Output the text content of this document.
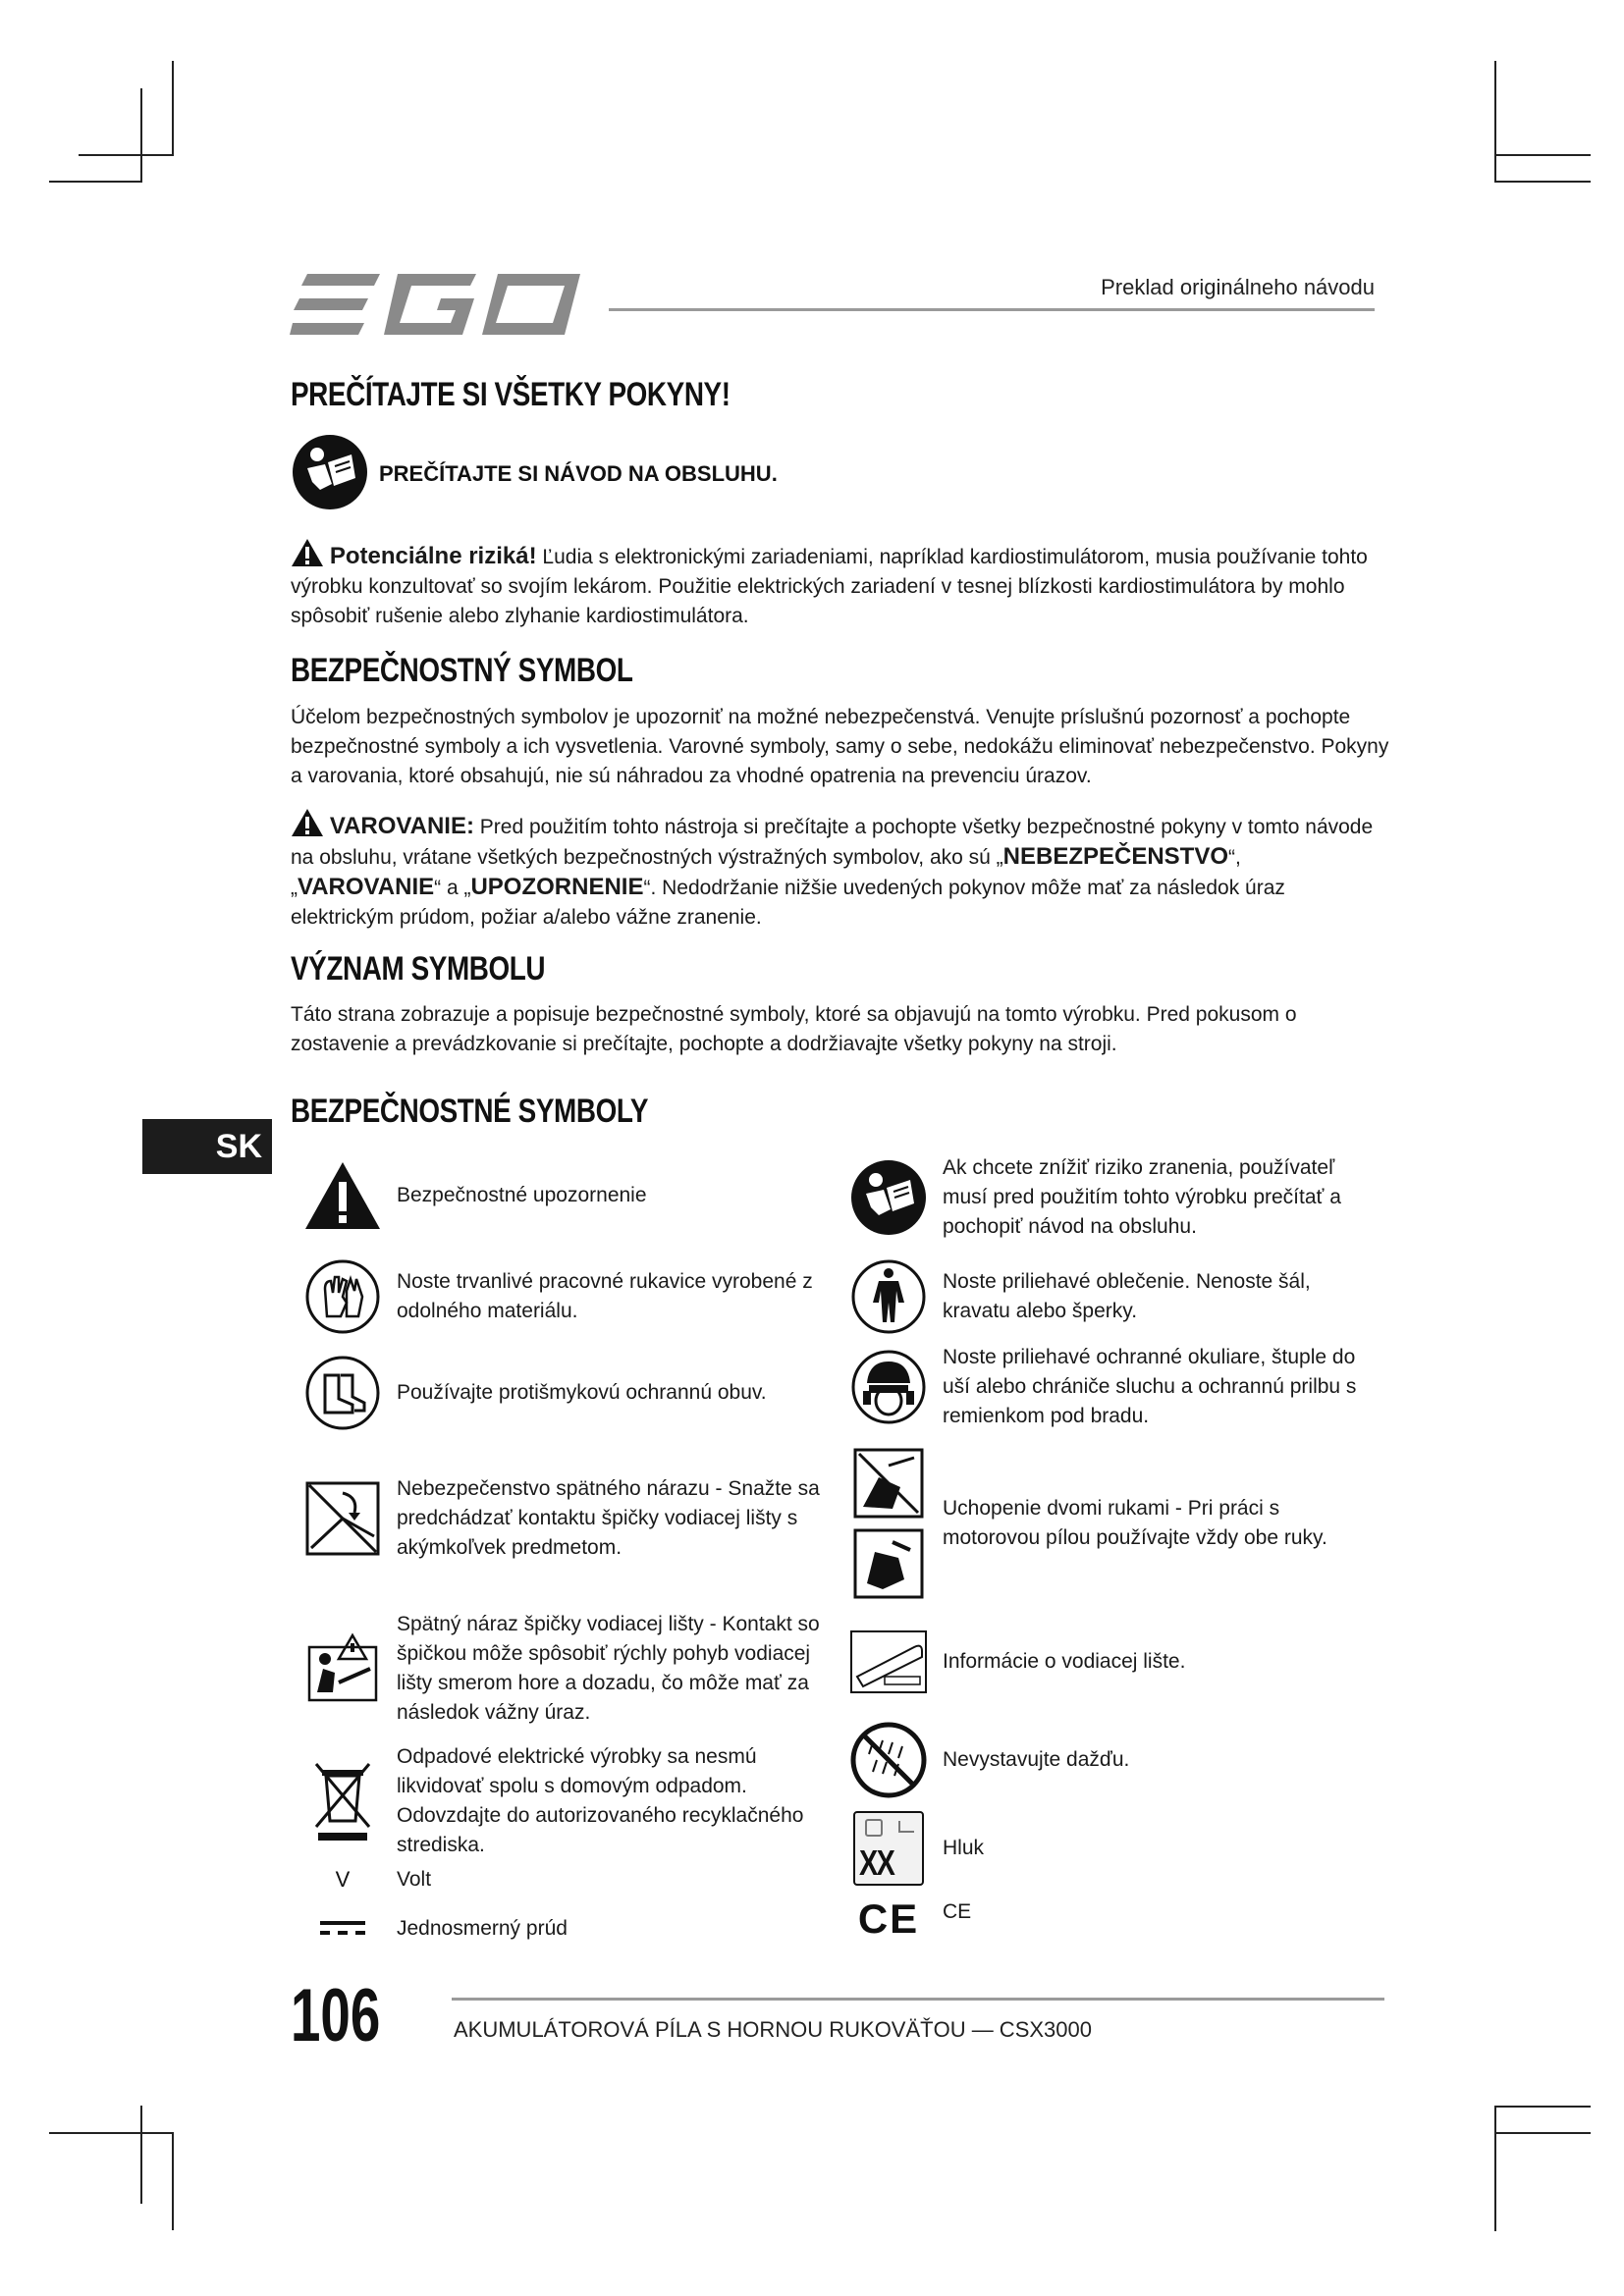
Preklad originálneho návodu
PREČÍTAJTE SI VŠETKY POKYNY!
PREČÍTAJTE SI NÁVOD NA OBSLUHU.
Potenciálne riziká! Ľudia s elektronickými zariadeniami, napríklad kardiostimulátorom, musia používanie tohto výrobku konzultovať so svojím lekárom. Použitie elektrických zariadení v tesnej blízkosti kardiostimulátora by mohlo spôsobiť rušenie alebo zlyhanie kardiostimulátora.
BEZPEČNOSTNÝ SYMBOL
Účelom bezpečnostných symbolov je upozorniť na možné nebezpečenstvá. Venujte príslušnú pozornosť a pochopte bezpečnostné symboly a ich vysvetlenia. Varovné symboly, samy o sebe, nedokážu eliminovať nebezpečenstvo. Pokyny a varovania, ktoré obsahujú, nie sú náhradou za vhodné opatrenia na prevenciu úrazov.
VAROVANIE: Pred použitím tohto nástroja si prečítajte a pochopte všetky bezpečnostné pokyny v tomto návode na obsluhu, vrátane všetkých bezpečnostných výstražných symbolov, ako sú „NEBEZPEČENSTVO“, „VAROVANIE“ a „UPOZORNENIE“. Nedodržanie nižšie uvedených pokynov môže mať za následok úraz elektrickým prúdom, požiar a/alebo vážne zranenie.
VÝZNAM SYMBOLU
Táto strana zobrazuje a popisuje bezpečnostné symboly, ktoré sa objavujú na tomto výrobku. Pred pokusom o zostavenie a prevádzkovanie si prečítajte, pochopte a dodržiavajte všetky pokyny na stroji.
BEZPEČNOSTNÉ SYMBOLY
SK
Bezpečnostné upozornenie
Noste trvanlivé pracovné rukavice vyrobené z odolného materiálu.
Používajte protišmykovú ochrannú obuv.
Nebezpečenstvo spätného nárazu - Snažte sa predchádzať kontaktu špičky vodiacej lišty s akýmkoľvek predmetom.
Spätný náraz špičky vodiacej lišty - Kontakt so špičkou môže spôsobiť rýchly pohyb vodiacej lišty smerom hore a dozadu, čo môže mať za následok vážny úraz.
Odpadové elektrické výrobky sa nesmú likvidovať spolu s domovým odpadom. Odovzdajte do autorizovaného recyklačného strediska.
V	Volt
Jednosmerný prúd
Ak chcete znížiť riziko zranenia, používateľ musí pred použitím tohto výrobku prečítať a pochopiť návod na obsluhu.
Noste priliehavé oblečenie. Nenoste šál, kravatu alebo šperky.
Noste priliehavé ochranné okuliare, štuple do uší alebo chrániče sluchu a ochrannú prilbu s remienkom pod bradu.
Uchopenie dvomi rukami - Pri práci s motorovou pílou používajte vždy obe ruky.
Informácie o vodiacej lište.
Nevystavujte dažďu.
XX Hluk
CE CE
106	AKUMULÁTOROVÁ PÍLA S HORNOU RUKOVÄŤOU — CSX3000
